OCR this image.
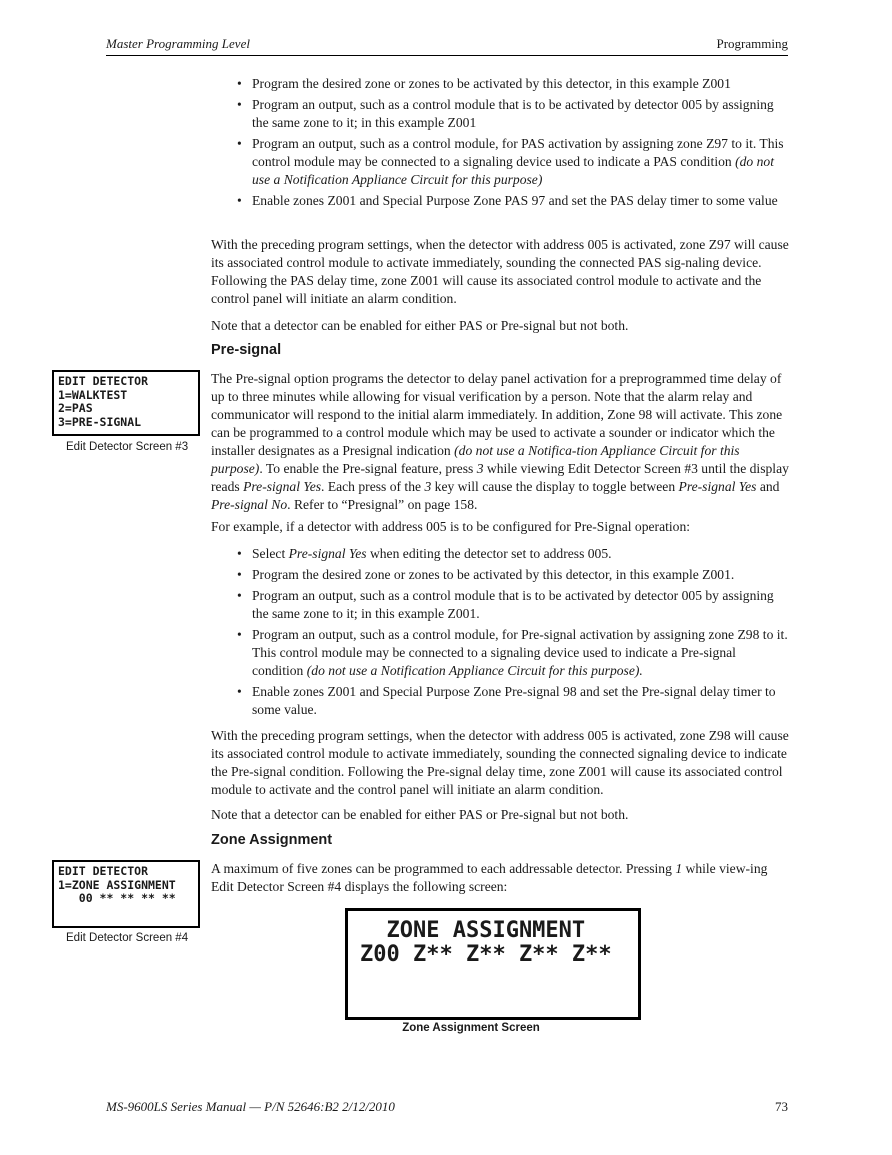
Master Programming Level	Programming
• Program the desired zone or zones to be activated by this detector, in this example Z001
• Program an output, such as a control module that is to be activated by detector 005 by assigning the same zone to it; in this example Z001
• Program an output, such as a control module, for PAS activation by assigning zone Z97 to it. This control module may be connected to a signaling device used to indicate a PAS condition (do not use a Notification Appliance Circuit for this purpose)
• Enable zones Z001 and Special Purpose Zone PAS 97 and set the PAS delay timer to some value

With the preceding program settings, when the detector with address 005 is activated, zone Z97 will cause its associated control module to activate immediately, sounding the connected PAS sig-naling device. Following the PAS delay time, zone Z001 will cause its associated control module to activate and the control panel will initiate an alarm condition.

Note that a detector can be enabled for either PAS or Pre-signal but not both.

Pre-signal
EDIT DETECTOR
1=WALKTEST
2=PAS
3=PRE-SIGNAL
Edit Detector Screen #3

The Pre-signal option programs the detector to delay panel activation for a preprogrammed time delay of up to three minutes while allowing for visual verification by a person. Note that the alarm relay and communicator will respond to the initial alarm immediately. In addition, Zone 98 will activate. This zone can be programmed to a control module which may be used to activate a sounder or indicator which the installer designates as a Presignal indication (do not use a Notifica-tion Appliance Circuit for this purpose). To enable the Pre-signal feature, press 3 while viewing Edit Detector Screen #3 until the display reads Pre-signal Yes. Each press of the 3 key will cause the display to toggle between Pre-signal Yes and Pre-signal No. Refer to “Presignal” on page 158.

For example, if a detector with address 005 is to be configured for Pre-Signal operation:

• Select Pre-signal Yes when editing the detector set to address 005.
• Program the desired zone or zones to be activated by this detector, in this example Z001.
• Program an output, such as a control module that is to be activated by detector 005 by assigning the same zone to it; in this example Z001.
• Program an output, such as a control module, for Pre-signal activation by assigning zone Z98 to it. This control module may be connected to a signaling device used to indicate a Pre-signal condition (do not use a Notification Appliance Circuit for this purpose).
• Enable zones Z001 and Special Purpose Zone Pre-signal 98 and set the Pre-signal delay timer to some value.

With the preceding program settings, when the detector with address 005 is activated, zone Z98 will cause its associated control module to activate immediately, sounding the connected signaling device to indicate the Pre-signal condition. Following the Pre-signal delay time, zone Z001 will cause its associated control module to activate and the control panel will initiate an alarm condition.

Note that a detector can be enabled for either PAS or Pre-signal but not both.

Zone Assignment
EDIT DETECTOR
1=ZONE ASSIGNMENT
00 ** ** ** **
Edit Detector Screen #4

A maximum of five zones can be programmed to each addressable detector. Pressing 1 while view-ing Edit Detector Screen #4 displays the following screen:

ZONE ASSIGNMENT
Z00 Z** Z** Z** Z**
Zone Assignment Screen
MS-9600LS Series Manual — P/N 52646:B2 2/12/2010	73
